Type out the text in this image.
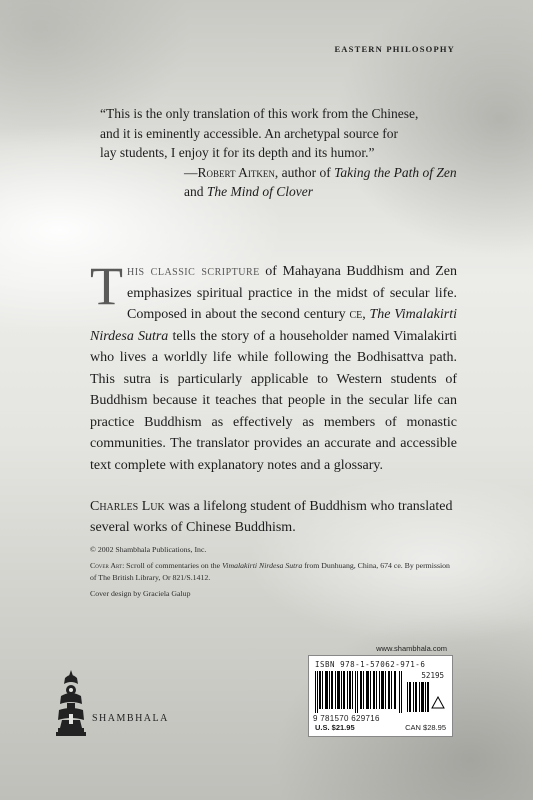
EASTERN PHILOSOPHY
“This is the only translation of this work from the Chinese,
and it is eminently accessible. An archetypal source for
lay students, I enjoy it for its depth and its humor.”
—Robert Aitken, author of Taking the Path of Zen
and The Mind of Clover

This classic scripture of Mahayana Buddhism and Zen emphasizes spiritual practice in the midst of secular life. Composed in about the second century ce, The Vimalakirti Nirdesa Sutra tells the story of a householder named Vimalakirti who lives a worldly life while following the Bodhisattva path. This sutra is particularly applicable to Western students of Buddhism because it teaches that people in the secular life can practice Buddhism as effectively as members of monastic communities. The translator provides an accurate and accessible text complete with explanatory notes and a glossary.

Charles Luk was a lifelong student of Buddhism who translated several works of Chinese Buddhism.

© 2002 Shambhala Publications, Inc.

Cover Art: Scroll of commentaries on the Vimalakirti Nirdesa Sutra from Dunhuang, China, 674 ce. By permission of The British Library, Or 821/S.1412.

Cover design by Graciela Galup

www.shambhala.com
ISBN 978-1-57062-971-6
52195
9 781570 629716
U.S. $21.95	CAN $28.95
SHAMBHALA
